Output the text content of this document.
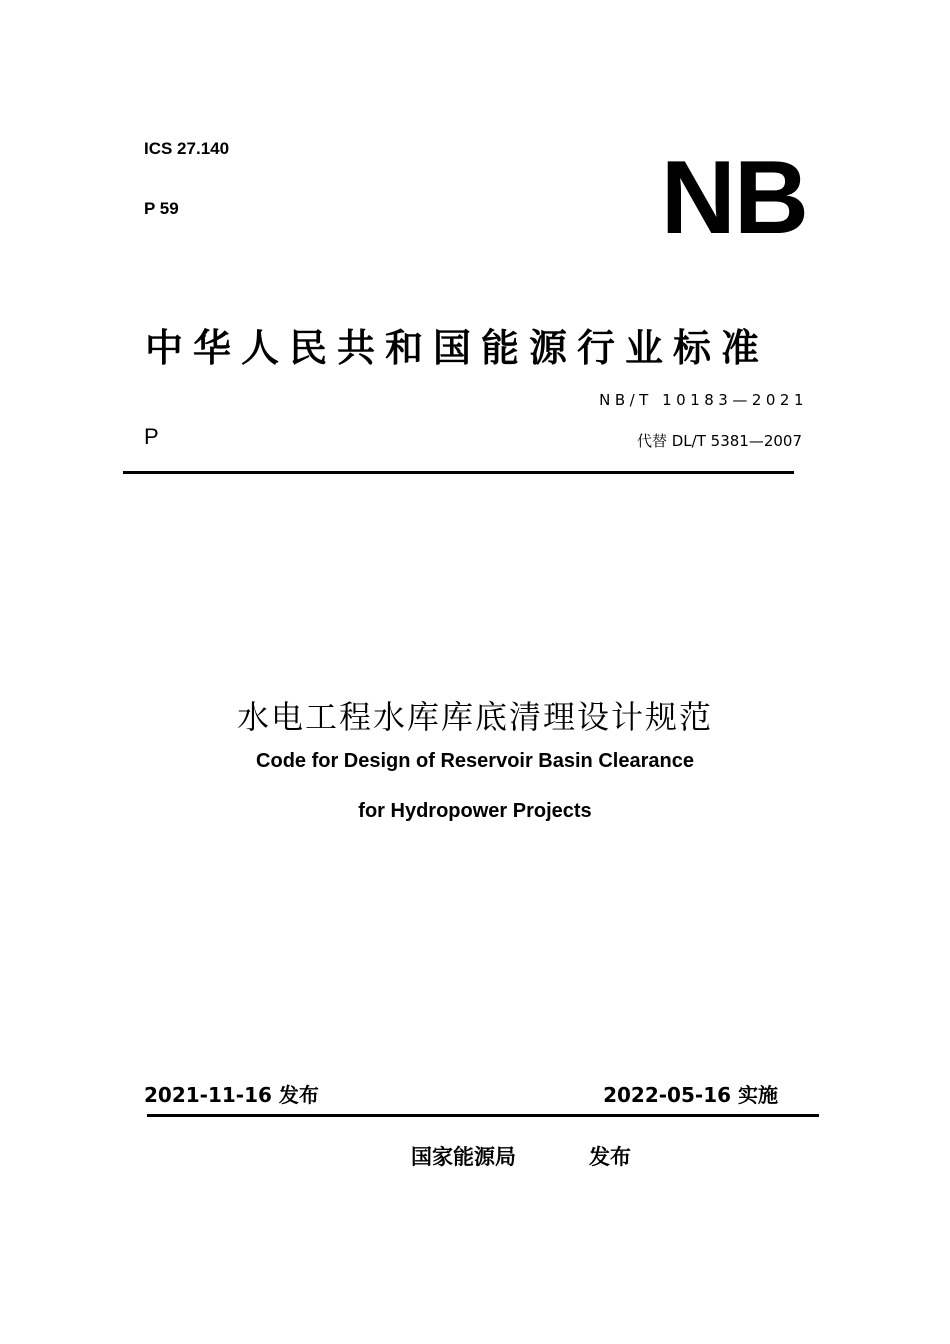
ICS 27.140
P 59	NB
中华人民共和国能源行业标准
NB/T 10183—2021
P	代替 DL/T 5381—2007
水电工程水库库底清理设计规范
Code for Design of Reservoir Basin Clearance
for Hydropower Projects
2021-11-16 发布	2022-05-16 实施
国家能源局	发布
